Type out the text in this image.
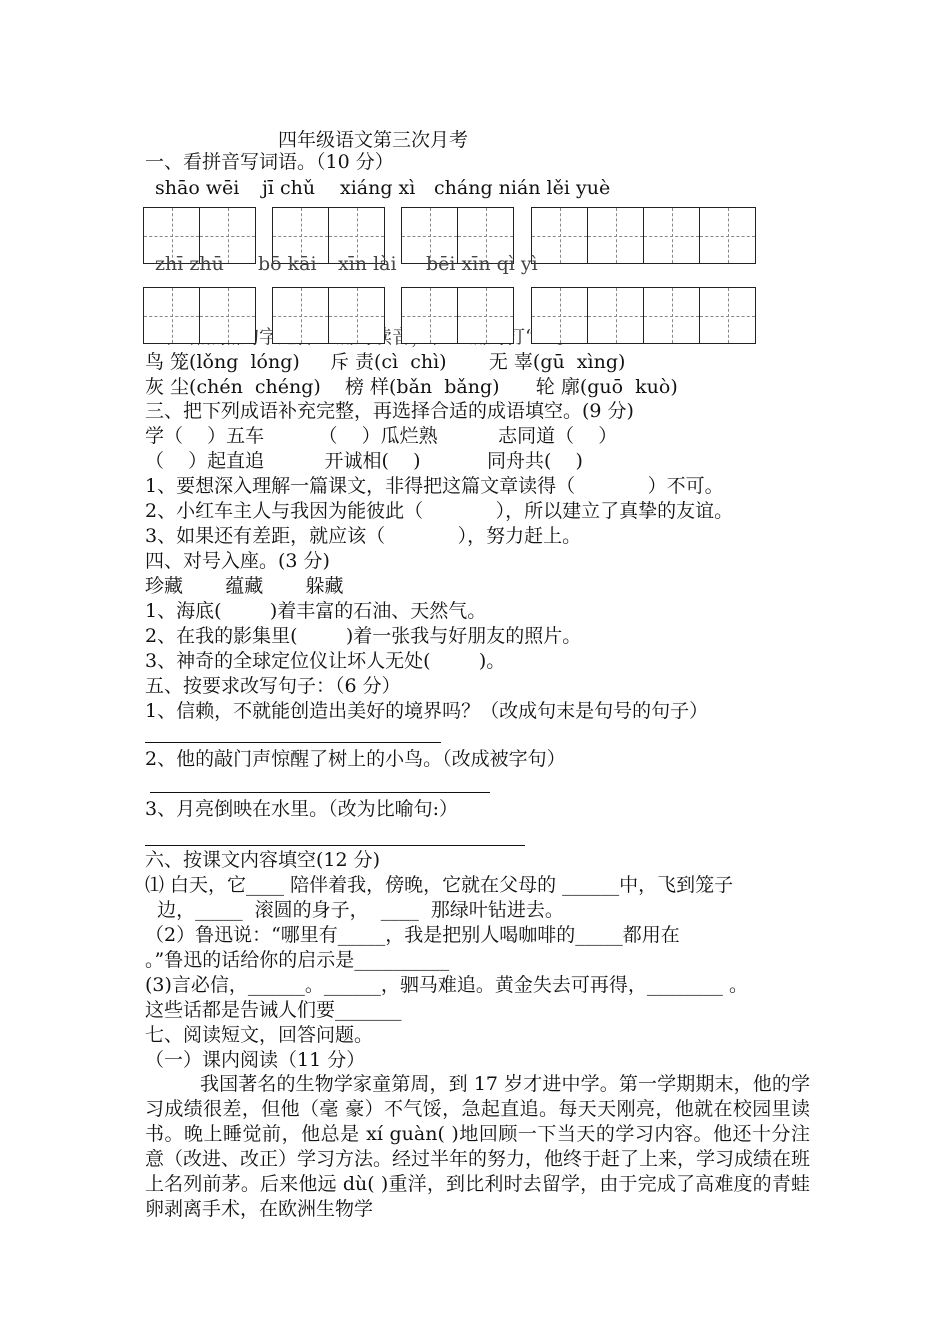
四年级语文第三次月考
一、看拼音写词语。（10 分）
shāo wēi jī chǔ xiáng xì cháng nián lěi yuè
zhī zhū bō kāi xīn lài bēi xīn qì yì
鸟 笼(lǒng  lóng)     斥 责(cì  chì)       无 辜(gū  xìng)
灰 尘(chén  chéng)    榜 样(bǎn  bǎng)      轮 廓(guō  kuò)
三、把下列成语补充完整，再选择合适的成语填空。(9 分)
学（    ）五车         （    ）瓜烂熟          志同道（    ）
（    ）起直追          开诚相(    )           同舟共(    )
1、要想深入理解一篇课文，非得把这篇文章读得（            ）不可。
2、小红车主人与我因为能彼此（            ），所以建立了真挚的友谊。
3、如果还有差距，就应该（            ），努力赶上。
四、对号入座。(3 分)
珍藏       蕴藏       躲藏
1、海底(        )着丰富的石油、天然气。
2、在我的影集里(        )着一张我与好朋友的照片。
3、神奇的全球定位仪让坏人无处(        )。
五、按要求改写句子：（6 分）
1、信赖，不就能创造出美好的境界吗？（改成句末是句号的句子）
2、他的敲门声惊醒了树上的小鸟。（改成被字句）
3、月亮倒映在水里。（改为比喻句:）
六、按课文内容填空(12 分)
⑴ 白天，它____ 陪伴着我，傍晚，它就在父母的 ______中，飞到笼子
边，_____  滚圆的身子，  ____  那绿叶钻进去。
（2）鲁迅说：“哪里有_____，我是把别人喝咖啡的_____都用在
。”鲁迅的话给你的启示是__________
(3)言必信，______。______，驷马难追。黄金失去可再得，________ 。
这些话都是告诫人们要_______
七、阅读短文，回答问题。
（一）课内阅读（11 分）
我国著名的生物学家童第周，到 17 岁才进中学。第一学期期末，他的学习成绩很差，但他（毫 豪）不气馁，急起直追。每天天刚亮，他就在校园里读书。晚上睡觉前，他总是 xí guàn( )地回顾一下当天的学习内容。他还十分注意（改进、改正）学习方法。经过半年的努力，他终于赶了上来，学习成绩在班上名列前茅。后来他远 dù( )重洋，到比利时去留学，由于完成了高难度的青蛙卵剥离手术，在欧洲生物学
